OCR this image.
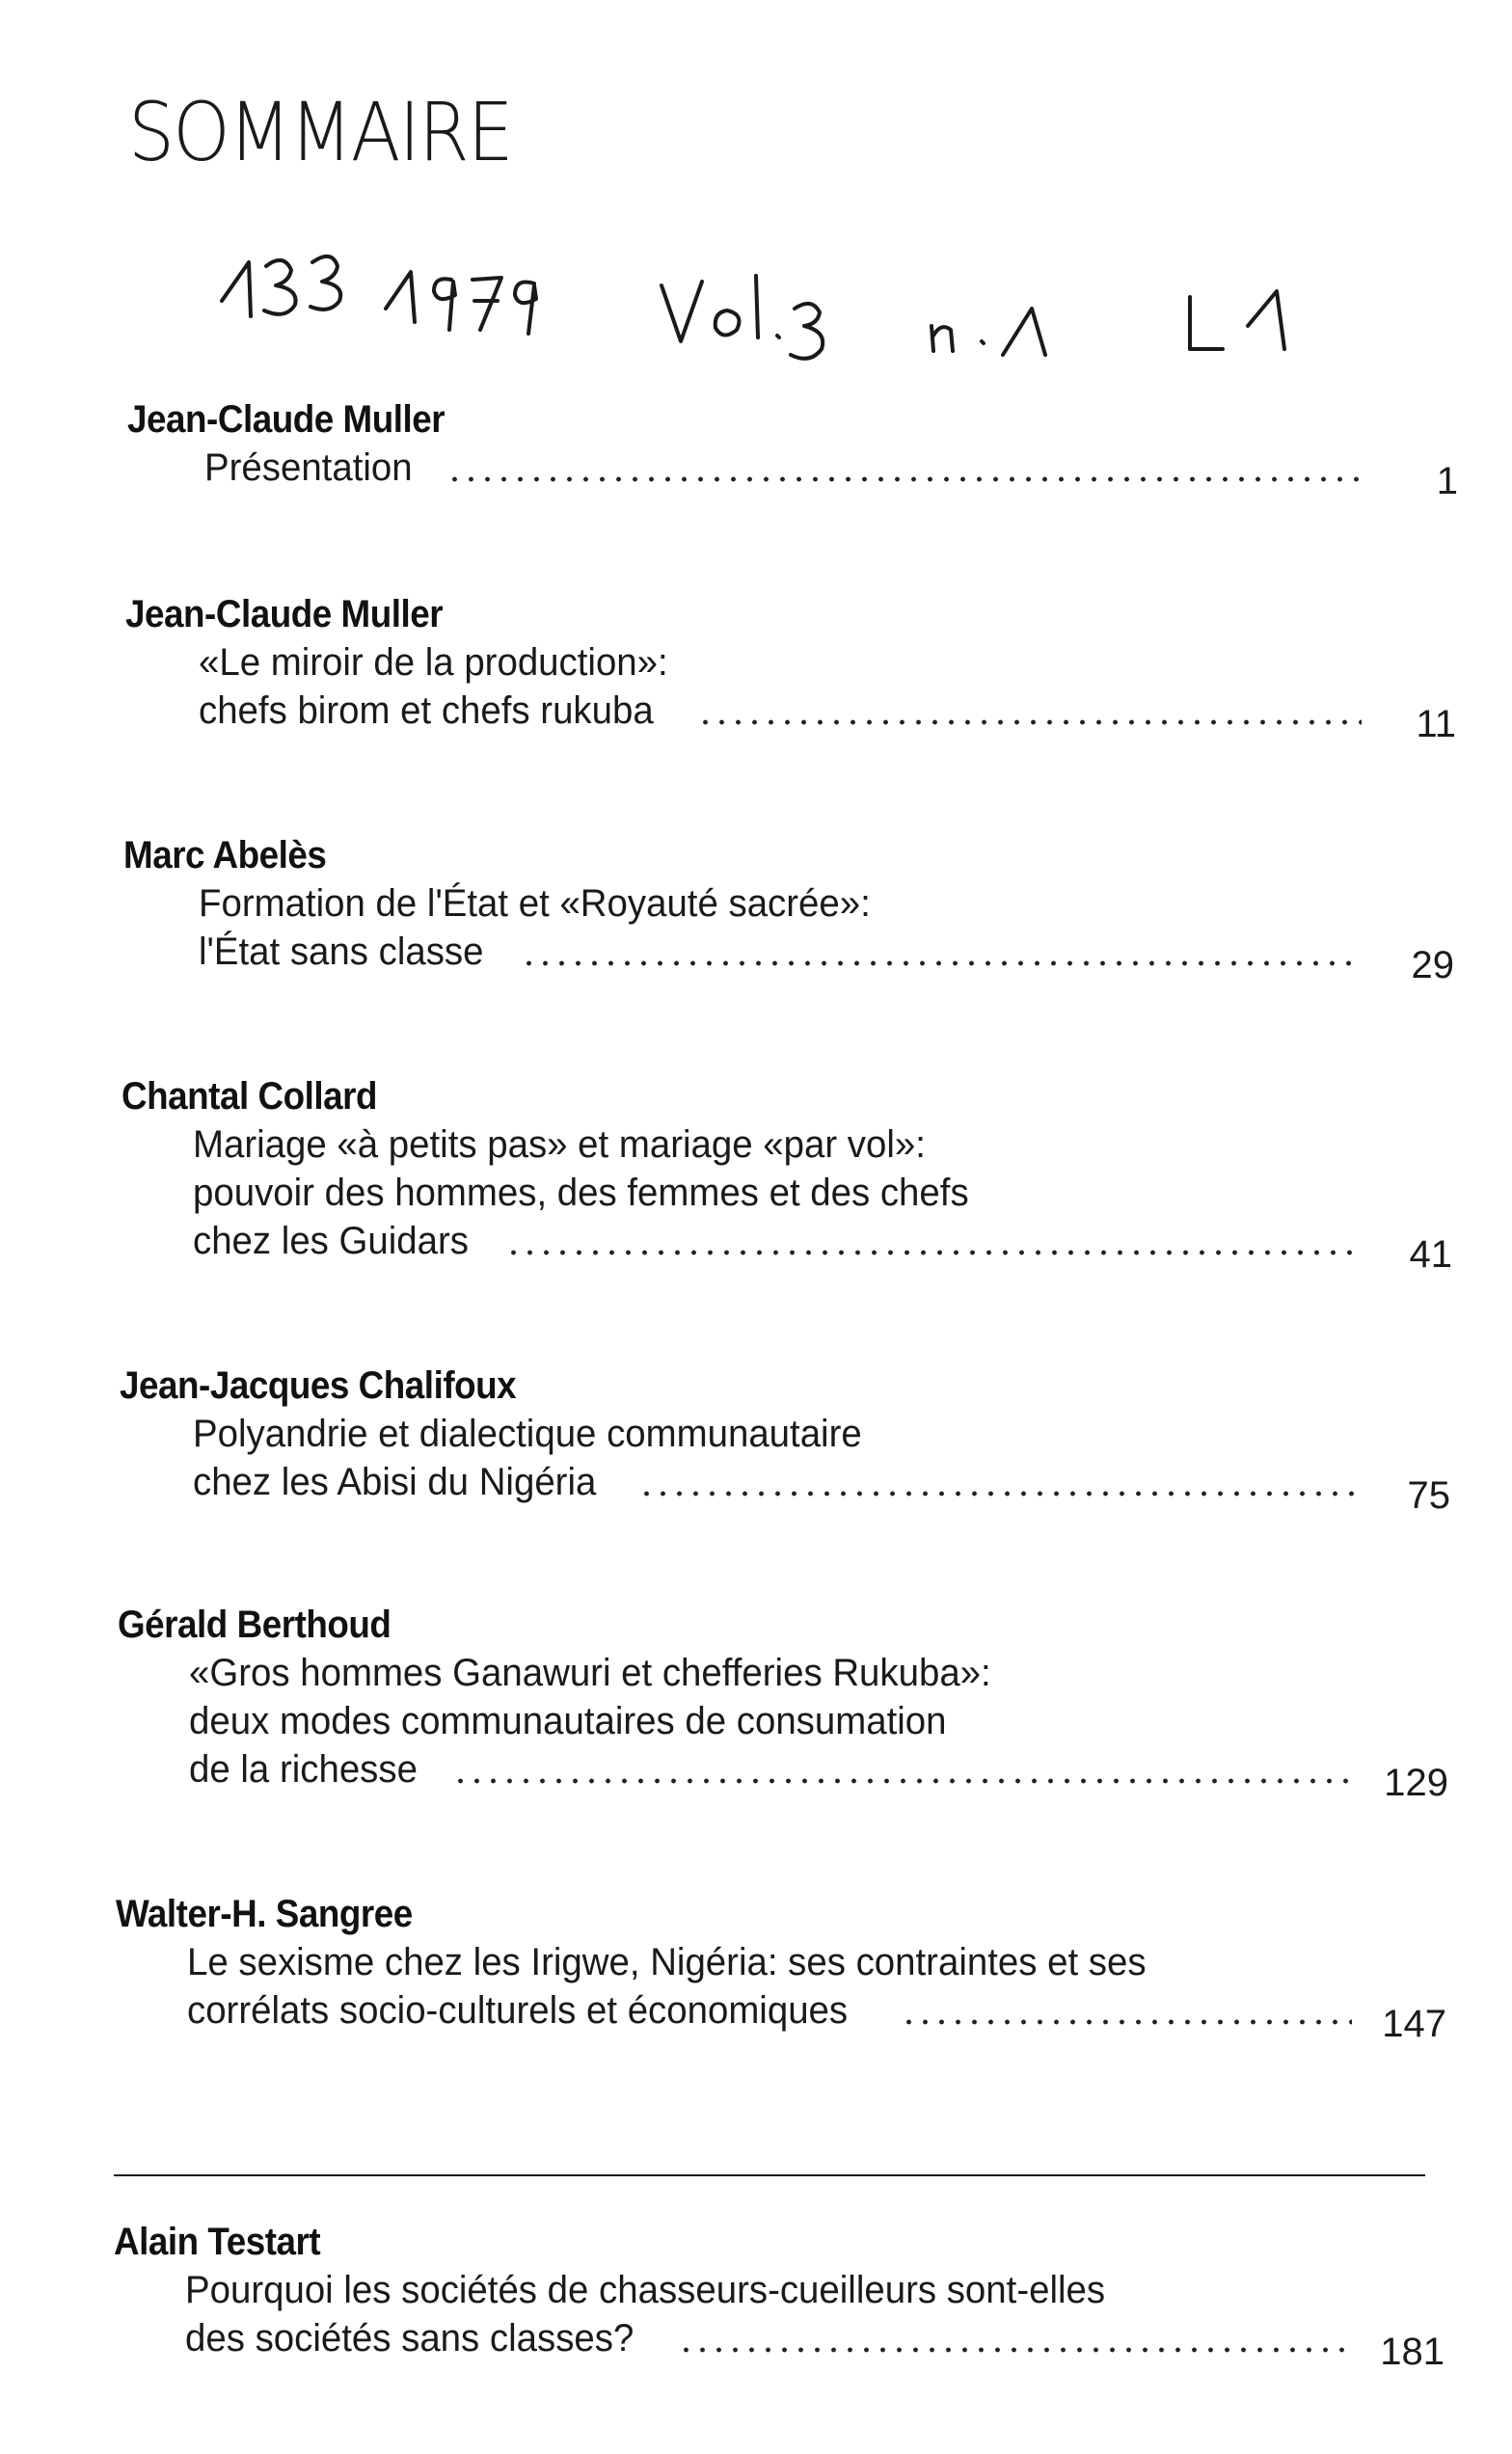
SOMMAIRE
Jean-Claude Muller
Présentation	1
Jean-Claude Muller
«Le miroir de la production»:
chefs birom et chefs rukuba	11
Marc Abelès
Formation de l'État et «Royauté sacrée»:
l'État sans classe	29
Chantal Collard
Mariage «à petits pas» et mariage «par vol»:
pouvoir des hommes, des femmes et des chefs
chez les Guidars	41
Jean-Jacques Chalifoux
Polyandrie et dialectique communautaire
chez les Abisi du Nigéria	75
Gérald Berthoud
«Gros hommes Ganawuri et chefferies Rukuba»:
deux modes communautaires de consumation
de la richesse	129
Walter-H. Sangree
Le sexisme chez les Irigwe, Nigéria: ses contraintes et ses
corrélats socio-culturels et économiques	147
Alain Testart
Pourquoi les sociétés de chasseurs-cueilleurs sont-elles
des sociétés sans classes?	181
